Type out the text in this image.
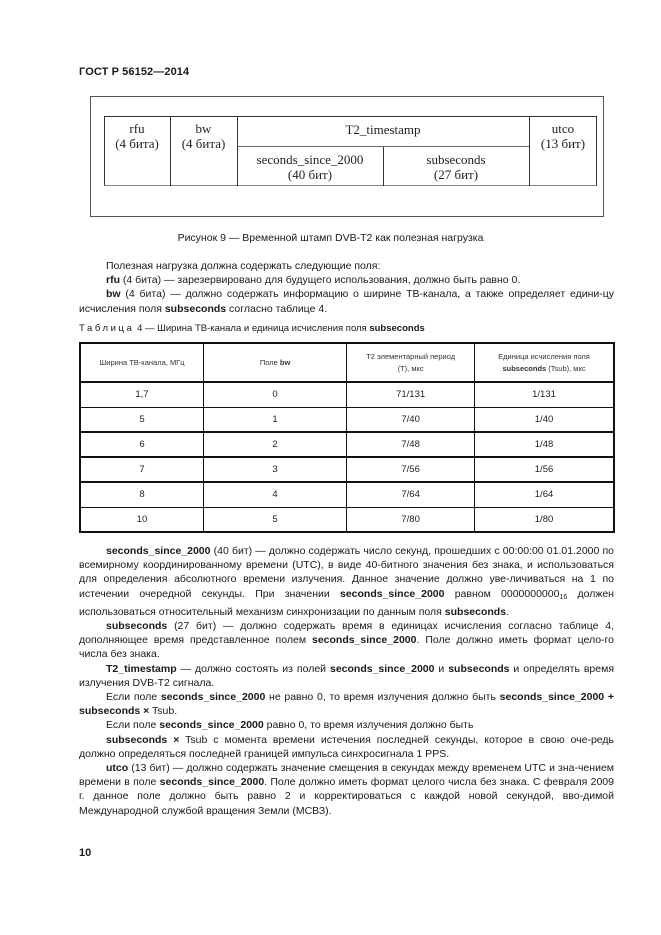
ГОСТ Р 56152—2014
rfu
(4 бита)
bw
(4 бита)
T2_timestamp
seconds_since_2000
(40 бит)
subseconds
(27 бит)
utco
(13 бит)
Рисунок 9 — Временной штамп DVB-T2 как полезная нагрузка
Полезная нагрузка должна содержать следующие поля:
rfu (4 бита) — зарезервировано для будущего использования, должно быть равно 0.
bw (4 бита) — должно содержать информацию о ширине ТВ-канала, а также определяет едини-цу исчисления поля subseconds согласно таблице 4.
Таблица 4 — Ширина ТВ-канала и единица исчисления поля subseconds
Ширина ТВ-канала, МГц	Поле bw	T2 элементарный период (T), мкс	Единица исчисления поля
subseconds (Tsub), мкс

1,7	0	71/131	1/131
5	1	7/40	1/40
6	2	7/48	1/48
7	3	7/56	1/56
8	4	7/64	1/64
10	5	7/80	1/80

seconds_since_2000 (40 бит) — должно содержать число секунд, прошедших с 00:00:00 01.01.2000 по всемирному координированному времени (UTC), в виде 40-битного значения без знака, и использоваться для определения абсолютного времени излучения. Данное значение должно уве-личиваться на 1 по истечении очередной секунды. При значении seconds_since_2000 равном $0000000000_{16}$ должен использоваться относительный механизм синхронизации по данным поля subseconds.

subseconds (27 бит) — должно содержать время в единицах исчисления согласно таблице 4, дополняющее время представленное полем seconds_since_2000. Поле должно иметь формат цело-го числа без знака.

T2_timestamp — должно состоять из полей seconds_since_2000 и subseconds и определять время излучения DVB-T2 сигнала.

Если поле seconds_since_2000 не равно 0, то время излучения должно быть seconds_since_2000 + subseconds × Tsub.

Если поле seconds_since_2000 равно 0, то время излучения должно быть

subseconds × Tsub с момента времени истечения последней секунды, которое в свою оче-редь должно определяться последней границей импульса синхросигнала 1 PPS.

utco (13 бит) — должно содержать значение смещения в секундах между временем UTC и зна-чением времени в поле seconds_since_2000. Поле должно иметь формат целого числа без знака. С февраля 2009 г. данное поле должно быть равно 2 и корректироваться с каждой новой секундой, вво-димой Международной службой вращения Земли (МСВЗ).

10
